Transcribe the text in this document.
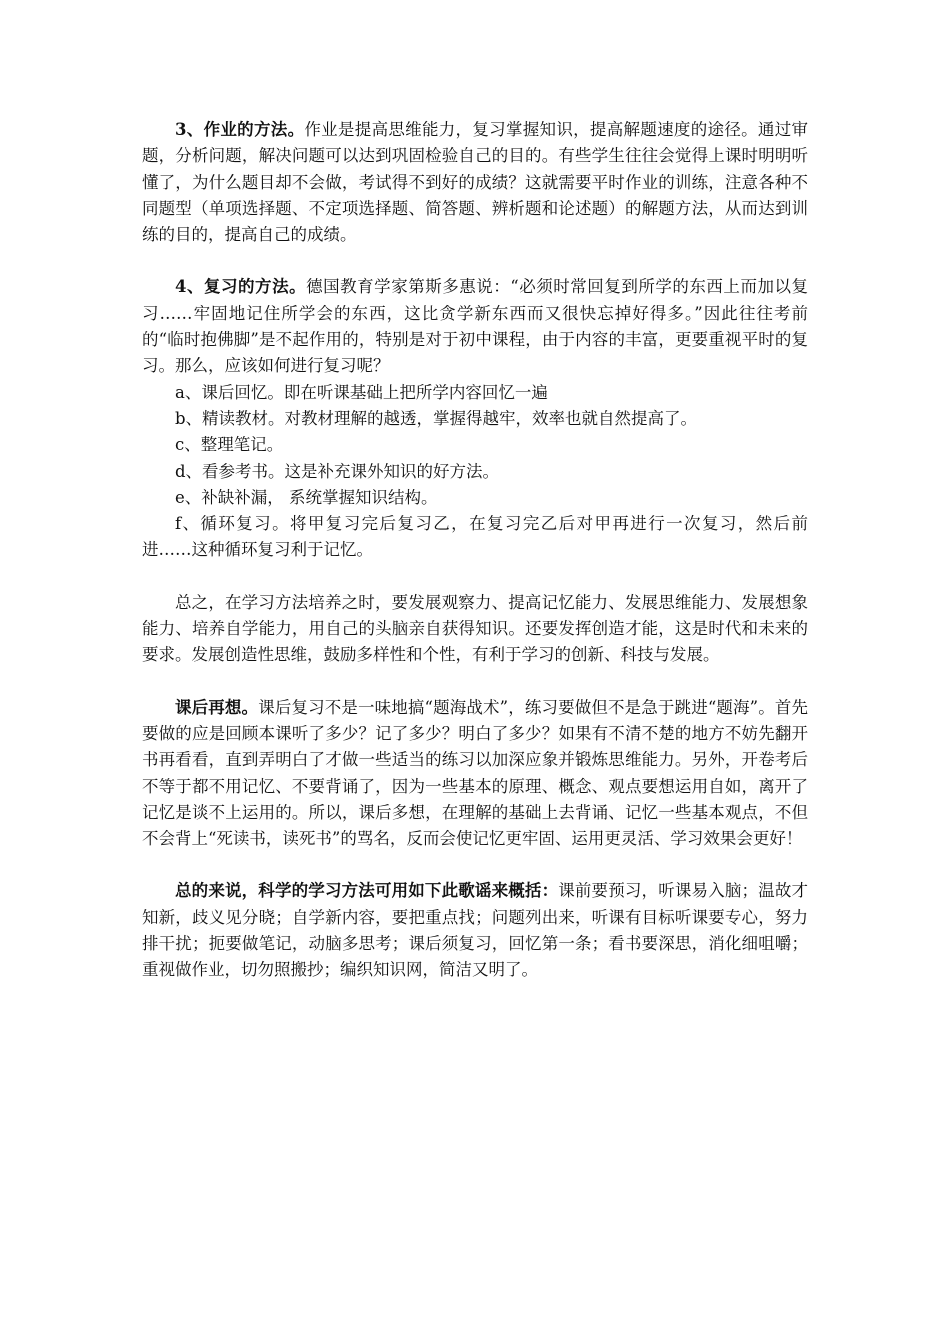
3、作业的方法。作业是提高思维能力，复习掌握知识，提高解题速度的途径。通过审题，分析问题，解决问题可以达到巩固检验自己的目的。有些学生往往会觉得上课时明明听懂了，为什么题目却不会做，考试得不到好的成绩？这就需要平时作业的训练，注意各种不同题型（单项选择题、不定项选择题、简答题、辨析题和论述题）的解题方法，从而达到训练的目的，提高自己的成绩。

4、复习的方法。德国教育学家第斯多惠说：“必须时常回复到所学的东西上而加以复习……牢固地记住所学会的东西，这比贪学新东西而又很快忘掉好得多。”因此往往考前的“临时抱佛脚”是不起作用的，特别是对于初中课程，由于内容的丰富，更要重视平时的复习。那么，应该如何进行复习呢？

a、课后回忆。即在听课基础上把所学内容回忆一遍

b、精读教材。对教材理解的越透，掌握得越牢，效率也就自然提高了。

c、整理笔记。

d、看参考书。这是补充课外知识的好方法。

e、补缺补漏， 系统掌握知识结构。

f、循环复习。将甲复习完后复习乙，在复习完乙后对甲再进行一次复习，然后前进……这种循环复习利于记忆。

总之，在学习方法培养之时，要发展观察力、提高记忆能力、发展思维能力、发展想象能力、培养自学能力，用自己的头脑亲自获得知识。还要发挥创造才能，这是时代和未来的要求。发展创造性思维，鼓励多样性和个性，有利于学习的创新、科技与发展。

课后再想。课后复习不是一味地搞“题海战术”，练习要做但不是急于跳进“题海”。首先要做的应是回顾本课听了多少？记了多少？明白了多少？如果有不清不楚的地方不妨先翻开书再看看，直到弄明白了才做一些适当的练习以加深应象并锻炼思维能力。另外，开卷考后不等于都不用记忆、不要背诵了，因为一些基本的原理、概念、观点要想运用自如，离开了记忆是谈不上运用的。所以，课后多想，在理解的基础上去背诵、记忆一些基本观点，不但不会背上“死读书，读死书”的骂名，反而会使记忆更牢固、运用更灵活、学习效果会更好！

总的来说，科学的学习方法可用如下此歌谣来概括：课前要预习，听课易入脑；温故才知新，歧义见分晓；自学新内容，要把重点找；问题列出来，听课有目标听课要专心，努力排干扰；扼要做笔记，动脑多思考；课后须复习，回忆第一条；看书要深思，消化细咀嚼；重视做作业，切勿照搬抄；编织知识网，简洁又明了。
